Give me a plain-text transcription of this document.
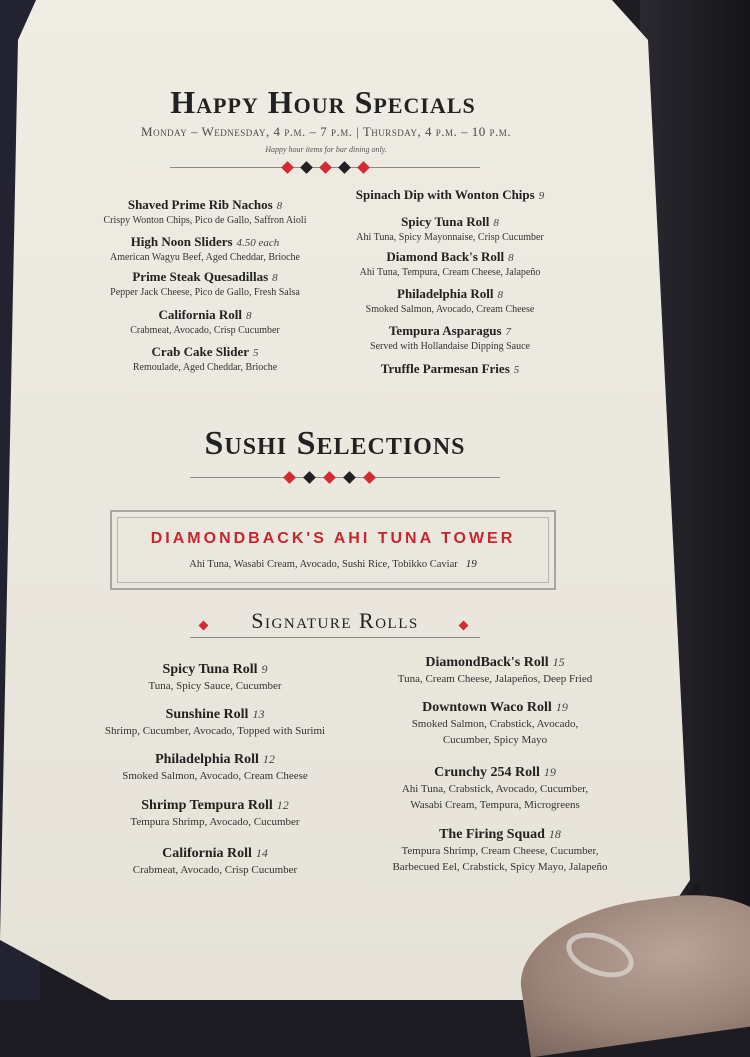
Happy Hour Specials
Monday – Wednesday, 4 p.m. – 7 p.m. | Thursday, 4 p.m. – 10 p.m.
Happy hour items for bar dining only.
Shaved Prime Rib Nachos 8
Crispy Wonton Chips, Pico de Gallo, Saffron Aioli
High Noon Sliders 4.50 each
American Wagyu Beef, Aged Cheddar, Brioche
Prime Steak Quesadillas 8
Pepper Jack Cheese, Pico de Gallo, Fresh Salsa
California Roll 8
Crabmeat, Avocado, Crisp Cucumber
Crab Cake Slider 5
Remoulade, Aged Cheddar, Brioche
Spinach Dip with Wonton Chips 9
Spicy Tuna Roll 8
Ahi Tuna, Spicy Mayonnaise, Crisp Cucumber
Diamond Back's Roll 8
Ahi Tuna, Tempura, Cream Cheese, Jalapeño
Philadelphia Roll 8
Smoked Salmon, Avocado, Cream Cheese
Tempura Asparagus 7
Served with Hollandaise Dipping Sauce
Truffle Parmesan Fries 5
Sushi Selections
DIAMONDBACK'S AHI TUNA TOWER
Ahi Tuna, Wasabi Cream, Avocado, Sushi Rice, Tobikko Caviar 19
Signature Rolls
Spicy Tuna Roll 9
Tuna, Spicy Sauce, Cucumber
Sunshine Roll 13
Shrimp, Cucumber, Avocado, Topped with Surimi
Philadelphia Roll 12
Smoked Salmon, Avocado, Cream Cheese
Shrimp Tempura Roll 12
Tempura Shrimp, Avocado, Cucumber
California Roll 14
Crabmeat, Avocado, Crisp Cucumber
DiamondBack's Roll 15
Tuna, Cream Cheese, Jalapeños, Deep Fried
Downtown Waco Roll 19
Smoked Salmon, Crabstick, Avocado,
Cucumber, Spicy Mayo
Crunchy 254 Roll 19
Ahi Tuna, Crabstick, Avocado, Cucumber,
Wasabi Cream, Tempura, Microgreens
The Firing Squad 18
Tempura Shrimp, Cream Cheese, Cucumber,
Barbecued Eel, Crabstick, Spicy Mayo, Jalapeño
